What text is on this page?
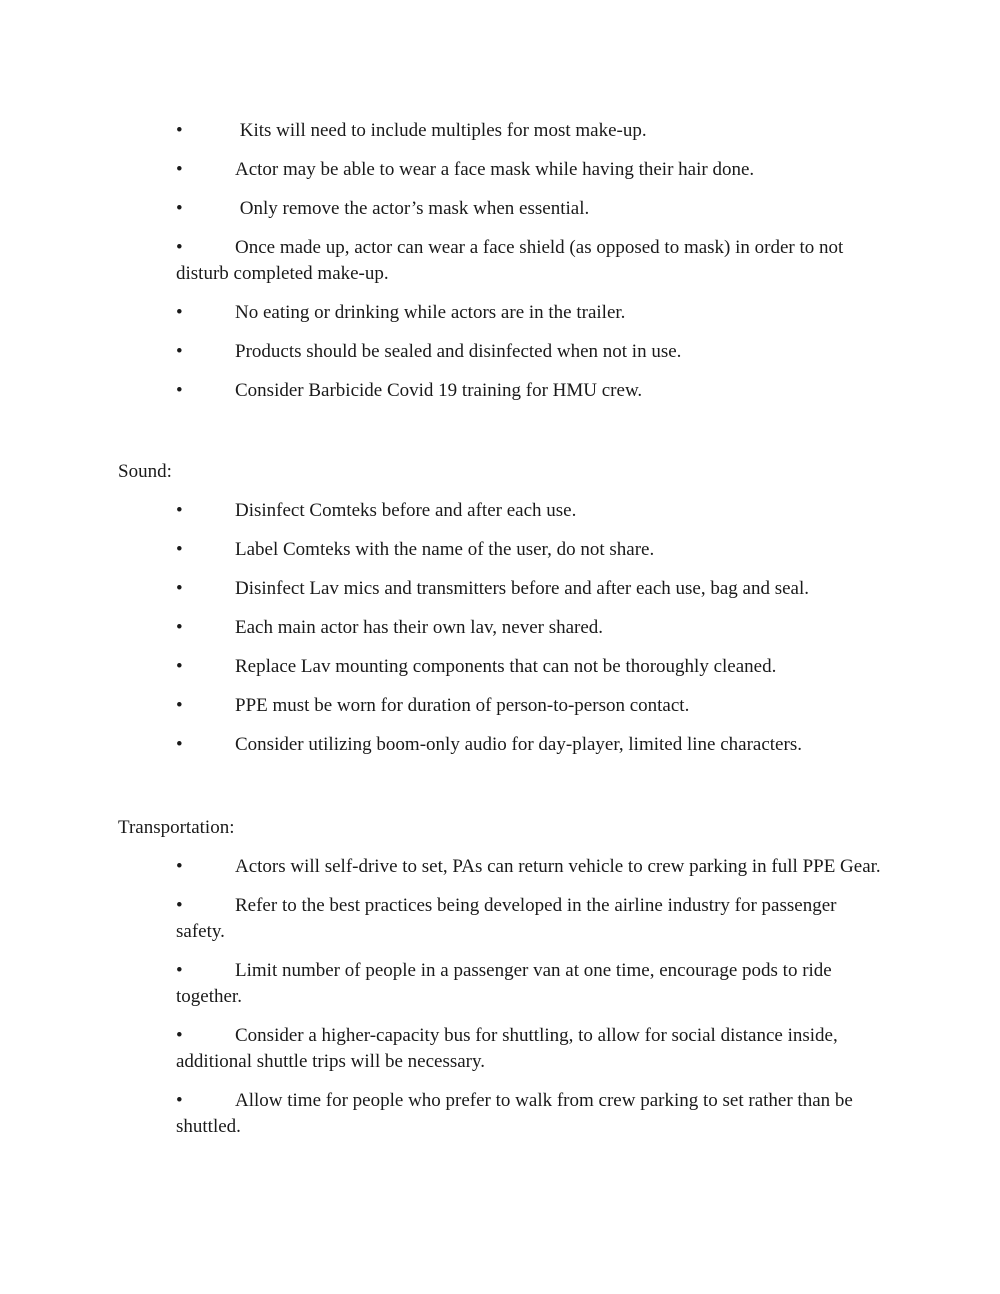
•	Kits will need to include multiples for most make-up.
•	Actor may be able to wear a face mask while having their hair done.
•	Only remove the actor’s mask when essential.
•	Once made up, actor can wear a face shield (as opposed to mask) in order to not disturb completed make-up.
•	No eating or drinking while actors are in the trailer.
•	Products should be sealed and disinfected when not in use.
•	Consider Barbicide Covid 19 training for HMU crew.

Sound:

•	Disinfect Comteks before and after each use.
•	Label Comteks with the name of the user, do not share.
•	Disinfect Lav mics and transmitters before and after each use, bag and seal.
•	Each main actor has their own lav, never shared.
•	Replace Lav mounting components that can not be thoroughly cleaned.
•	PPE must be worn for duration of person-to-person contact.
•	Consider utilizing boom-only audio for day-player, limited line characters.

Transportation:

•	Actors will self-drive to set, PAs can return vehicle to crew parking in full PPE Gear.
•	Refer to the best practices being developed in the airline industry for passenger safety.
•	Limit number of people in a passenger van at one time, encourage pods to ride together.
•	Consider a higher-capacity bus for shuttling, to allow for social distance inside, additional shuttle trips will be necessary.
•	Allow time for people who prefer to walk from crew parking to set rather than be shuttled.
